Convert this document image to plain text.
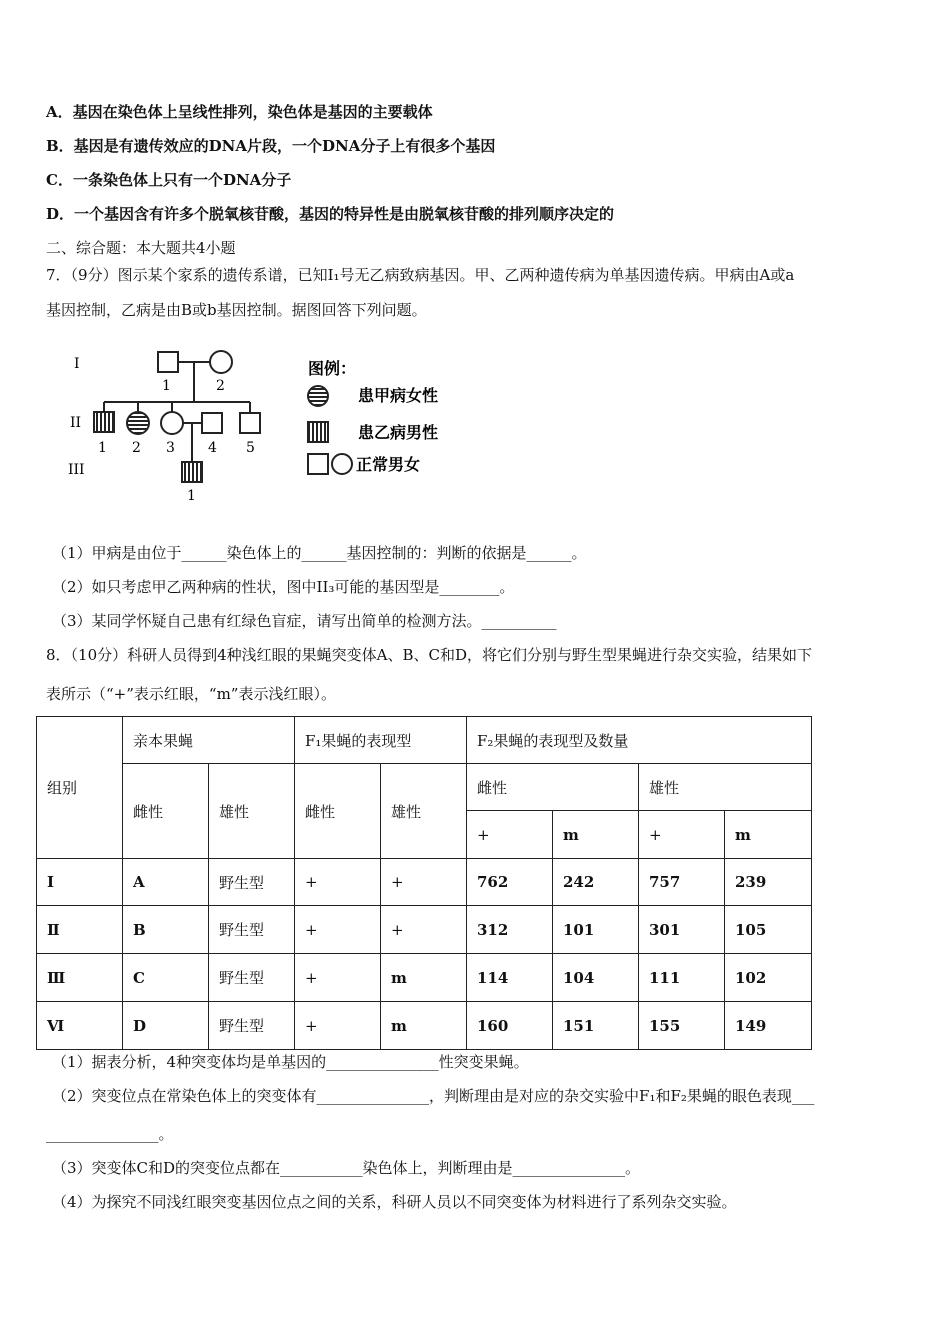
A．基因在染色体上呈线性排列，染色体是基因的主要载体
B．基因是有遗传效应的DNA片段，一个DNA分子上有很多个基因
C．一条染色体上只有一个DNA分子
D．一个基因含有许多个脱氧核苷酸，基因的特异性是由脱氧核苷酸的排列顺序决定的
二、综合题：本大题共4小题
7．（9分）图示某个家系的遗传系谱，已知Ⅰ₁号无乙病致病基因。甲、乙两种遗传病为单基因遗传病。甲病由A或a
基因控制，乙病是由B或b基因控制。据图回答下列问题。
I
II
III
1	2
1 2 3 4 5
1
图例：
患甲病女性
患乙病男性
正常男女
（1）甲病是由位于______染色体上的______基因控制的：判断的依据是______。
（2）如只考虑甲乙两种病的性状，图中II₃可能的基因型是________。
（3）某同学怀疑自己患有红绿色盲症，请写出简单的检测方法。__________
8．（10分）科研人员得到4种浅红眼的果蝇突变体A、B、C和D，将它们分别与野生型果蝇进行杂交实验，结果如下
表所示（“+”表示红眼，“m”表示浅红眼）。
组别	亲本果蝇		F₁果蝇的表现型		F₂果蝇的表现型及数量			
	雌性	雄性	雌性	雄性	雌性		雄性	
					+	m	+	m
Ⅰ	A	野生型	+	+	762	242	757	239
Ⅱ	B	野生型	+	+	312	101	301	105
Ⅲ	C	野生型	+	m	114	104	111	102
Ⅵ	D	野生型	+	m	160	151	155	149
（1）据表分析，4种突变体均是单基因的_______________性突变果蝇。
（2）突变位点在常染色体上的突变体有_______________，判断理由是对应的杂交实验中F₁和F₂果蝇的眼色表现___
_______________。
（3）突变体C和D的突变位点都在___________染色体上，判断理由是_______________。
（4）为探究不同浅红眼突变基因位点之间的关系，科研人员以不同突变体为材料进行了系列杂交实验。
